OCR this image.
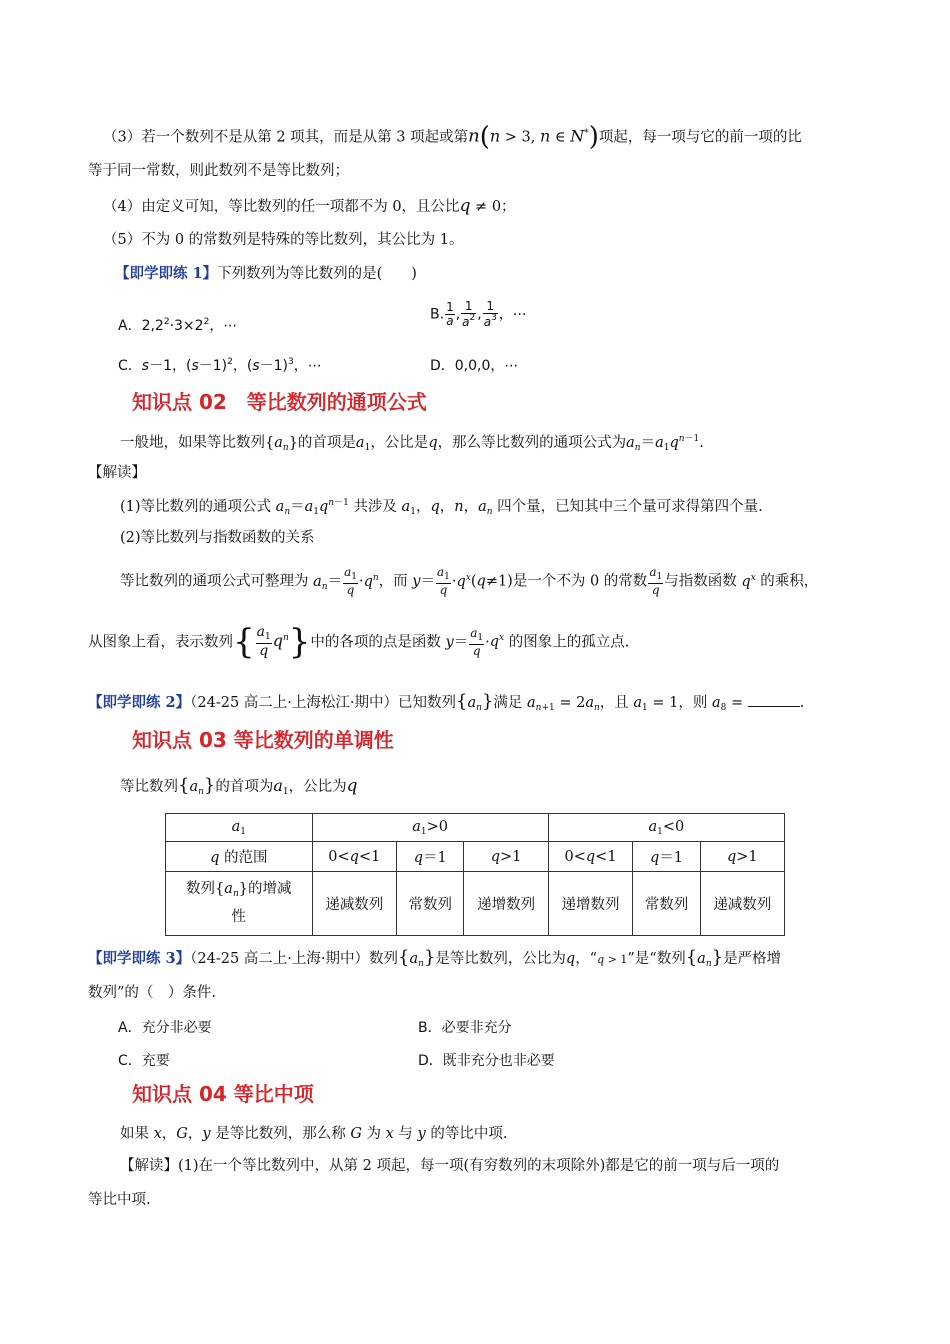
（3）若一个数列不是从第 2 项其，而是从第 3 项起或第n(n > 3, n ∈ N*)项起，每一项与它的前一项的比
等于同一常数，则此数列不是等比数列；
（4）由定义可知，等比数列的任一项都不为 0，且公比q ≠ 0；
（5）不为 0 的常数列是特殊的等比数列，其公比为 1。
【即学即练 1】下列数列为等比数列的是(　　)
A．$2,2^2\cdot 3\times 2^2$，⋯
B. $\frac{1}{a}$ , $\frac{1}{a^2}$ , $\frac{1}{a^3}$ ，⋯
C．s－1，$(s-1)^2$，$(s-1)^3$，⋯	D．0,0,0，⋯
知识点 02　等比数列的通项公式
一般地，如果等比数列$\{a_n\}$的首项是$a_1$，公比是q，那么等比数列的通项公式为$a_n=a_1q^{n-1}$.
【解读】
(1)等比数列的通项公式 $a_n=a_1q^{n-1}$ 共涉及 $a_1$，q，n，$a_n$ 四个量，已知其中三个量可求得第四个量.
(2)等比数列与指数函数的关系
等比数列的通项公式可整理为 $a_n= \frac{a_1}{q} \cdot q^n$，而 $y= \frac{a_1}{q} \cdot q^x(q\ne 1)$是一个不为 0 的常数 $\frac{a_1}{q}$ 与指数函数 $q^x$ 的乘积，
从图象上看，表示数列{ $\frac{a_1}{q} q^n$}中的各项的点是函数 $y= \frac{a_1}{q} \cdot q^x$ 的图象上的孤立点.
【即学即练 2】（24-25 高二上·上海松江·期中）已知数列$\{a_n\}$满足 $a_{n+1} = 2a_n$，且 $a_1 = 1$，则 $a_8$ =	.
知识点 03 等比数列的单调性
等比数列$\{a_n\}$的首项为$a_1$，公比为q
$a_1$	$a_1>0$			$a_1<0$		
q 的范围	0<q<1	q＝1	q>1	0<q<1	q＝1	q>1
数列$\{a_n\}$的增减
性	递减数列	常数列	递增数列	递增数列	常数列	递减数列
【即学即练 3】（24-25 高二上·上海·期中）数列$\{a_n\}$是等比数列，公比为q，“q > 1”是“数列$\{a_n\}$是严格增
数列”的（　）条件.
A．充分非必要	B．必要非充分
C．充要	D．既非充分也非必要
知识点 04 等比中项
如果 x，G，y 是等比数列，那么称 G 为 x 与 y 的等比中项.
【解读】(1)在一个等比数列中，从第 2 项起，每一项(有穷数列的末项除外)都是它的前一项与后一项的
等比中项.
